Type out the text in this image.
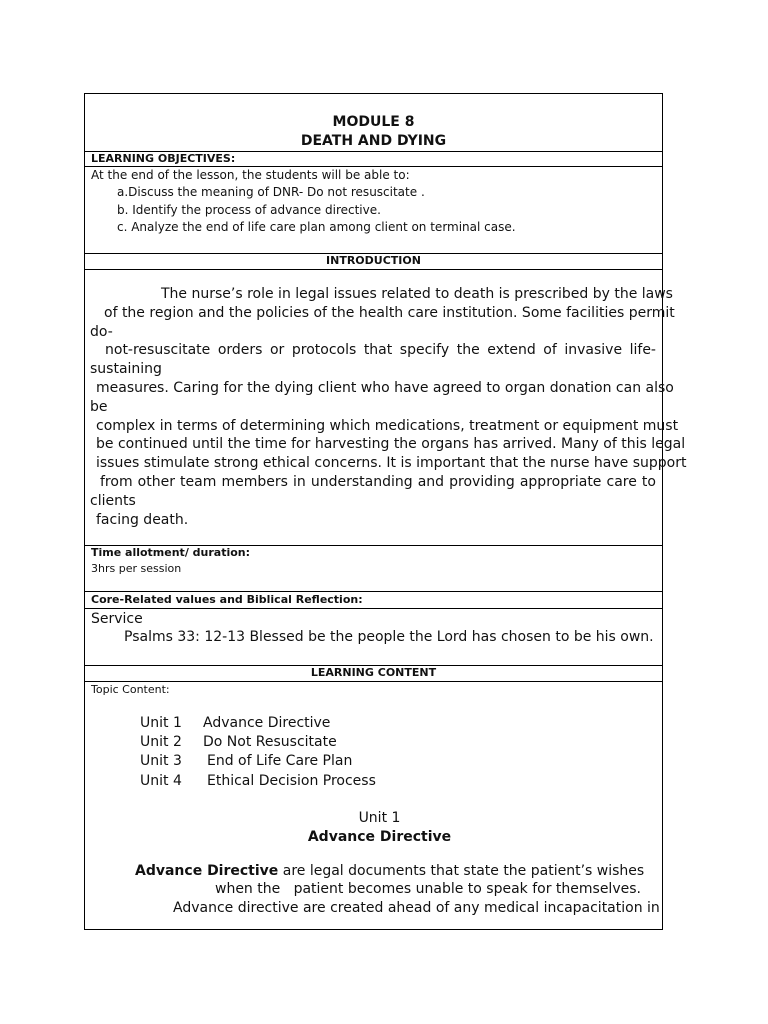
MODULE 8
DEATH AND DYING
LEARNING OBJECTIVES:
At the end of the lesson, the students will be able to:
a.Discuss the meaning of DNR- Do not resuscitate .
b. Identify the process of advance directive.
c. Analyze the end of life care plan among client on terminal case.
INTRODUCTION
The nurse’s role in legal issues related to death is prescribed by the laws
of the region and the policies of the health care institution. Some facilities permit
do-
not-resuscitate orders or protocols that specify the extend of invasive life-
sustaining
measures. Caring for the dying client who have agreed to organ donation can also
be
complex in terms of determining which medications, treatment or equipment must
be continued until the time for harvesting the organs has arrived. Many of this legal
issues stimulate strong ethical concerns. It is important that the nurse have support
from other team members in understanding and providing appropriate care to
clients
facing death.
Time allotment/ duration:
3hrs per session
Core-Related values and Biblical Reflection:
Service
Psalms 33: 12-13 Blessed be the people the Lord has chosen to be his own.
LEARNING CONTENT
Topic Content:
Unit 1 Advance Directive
Unit 2 Do Not Resuscitate
Unit 3 End of Life Care Plan
Unit 4 Ethical Decision Process
Unit 1
Advance Directive
Advance Directive are legal documents that state the patient’s wishes
when the   patient becomes unable to speak for themselves.
Advance directive are created ahead of any medical incapacitation in
